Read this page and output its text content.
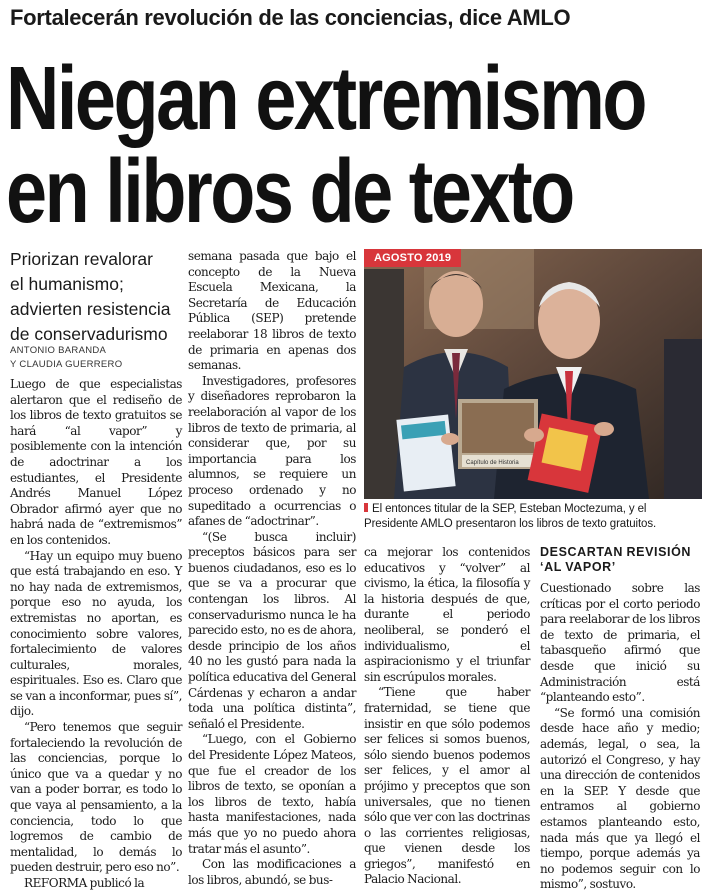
Fortalecerán revolución de las conciencias, dice AMLO
Niegan extremismo
en libros de texto
Priorizan revalorar
el humanismo;
advierten resistencia
de conservadurismo
ANTONIO BARANDA
Y CLAUDIA GUERRERO

Luego de que especialistas alertaron que el rediseño de los libros de texto gratuitos se hará “al vapor” y posiblemente con la intención de adoctrinar a los estudiantes, el Presidente Andrés Manuel López Obrador afirmó ayer que no habrá nada de “extremismos” en los contenidos.

“Hay un equipo muy bueno que está trabajando en eso. Y no hay nada de extremismos, porque eso no ayuda, los extremistas no aportan, es conocimiento sobre valores, fortalecimiento de valores culturales, morales, espirituales. Eso es. Claro que se van a inconformar, pues sí”, dijo.

“Pero tenemos que seguir fortaleciendo la revolución de las conciencias, porque lo único que va a quedar y no van a poder borrar, es todo lo que vaya al pensamiento, a la conciencia, todo lo que logremos de cambio de mentalidad, lo demás lo pueden destruir, pero eso no”.

REFORMA publicó la

semana pasada que bajo el concepto de la Nueva Escuela Mexicana, la Secretaría de Educación Pública (SEP) pretende reelaborar 18 libros de texto de primaria en apenas dos semanas.

Investigadores, profesores y diseñadores reprobaron la reelaboración al vapor de los libros de texto de primaria, al considerar que, por su importancia para los alumnos, se requiere un proceso ordenado y no supeditado a ocurrencias o afanes de “adoctrinar”.

“(Se busca incluir) preceptos básicos para ser buenos ciudadanos, eso es lo que se va a procurar que contengan los libros. Al conservadurismo nunca le ha parecido esto, no es de ahora, desde principio de los años 40 no les gustó para nada la política educativa del General Cárdenas y echaron a andar toda una política distinta”, señaló el Presidente.

“Luego, con el Gobierno del Presidente López Mateos, que fue el creador de los libros de texto, se oponían a los libros de texto, había hasta manifestaciones, nada más que yo no puedo ahora tratar más el asunto”.

Con las modificaciones a los libros, abundó, se bus-

Capítulo de Historia
AGOSTO 2019
El entonces titular de la SEP, Esteban Moctezuma, y el Presidente AMLO presentaron los libros de texto gratuitos.

ca mejorar los contenidos educativos y “volver” al civismo, la ética, la filosofía y la historia después de que, durante el periodo neoliberal, se ponderó el individualismo, el aspiracionismo y el triunfar sin escrúpulos morales.

“Tiene que haber fraternidad, se tiene que insistir en que sólo podemos ser felices si somos buenos, sólo siendo buenos podemos ser felices, y el amor al prójimo y preceptos que son universales, que no tienen sólo que ver con las doctrinas o las corrientes religiosas, que vienen desde los griegos”, manifestó en Palacio Nacional.

DESCARTAN REVISIÓN
‘AL VAPOR’

Cuestionado sobre las críticas por el corto periodo para reelaborar de los libros de texto de primaria, el tabasqueño afirmó que desde que inició su Administración está “planteando esto”.

“Se formó una comisión desde hace año y medio; además, legal, o sea, la autorizó el Congreso, y hay una dirección de contenidos en la SEP. Y desde que entramos al gobierno estamos planteando esto, nada más que ya llegó el tiempo, porque además ya no podemos seguir con lo mismo”, sostuvo.
